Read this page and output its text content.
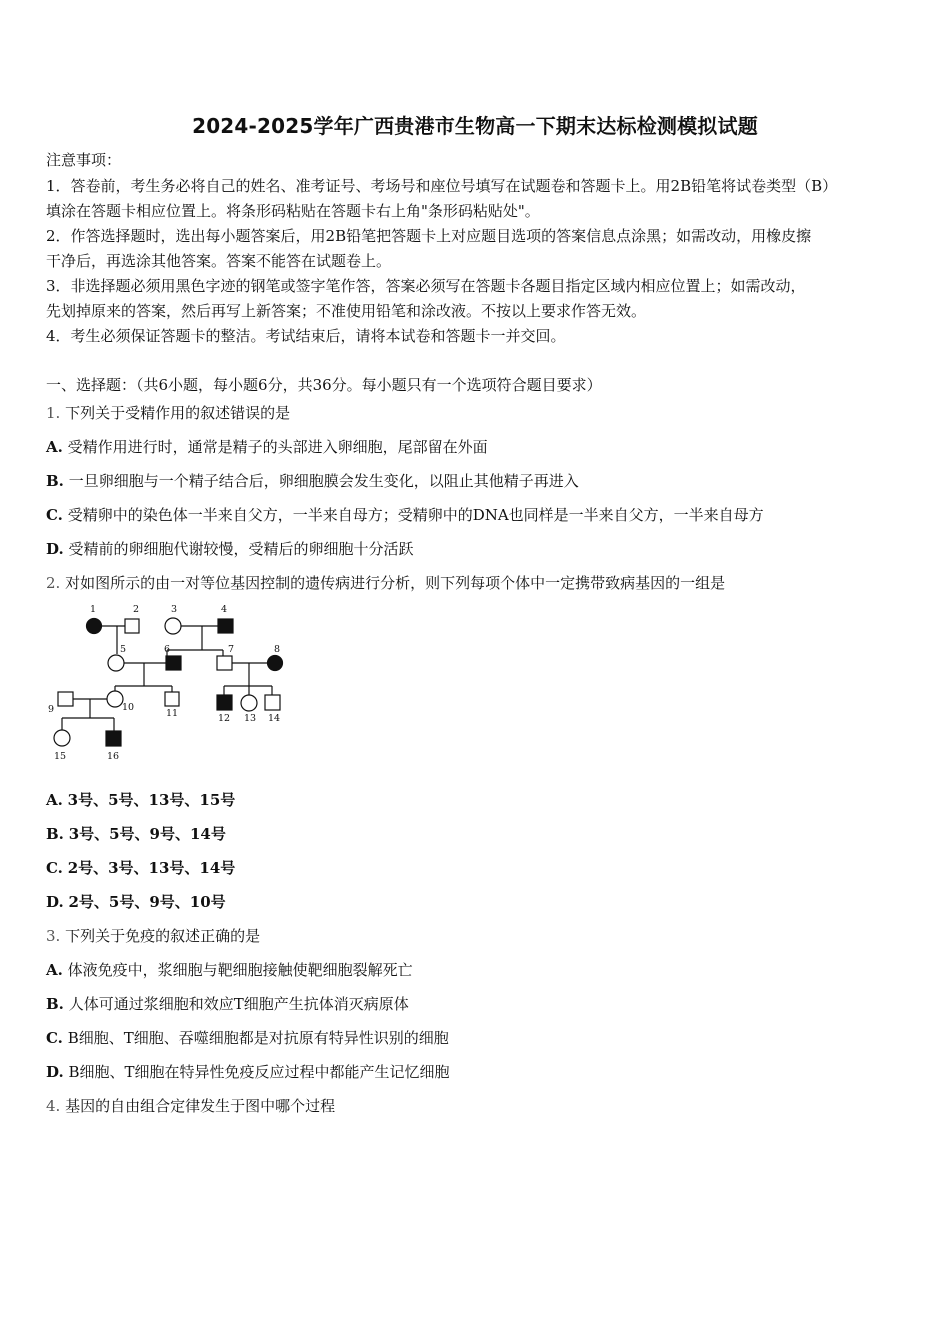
2024-2025学年广西贵港市生物高一下期末达标检测模拟试题
注意事项：
1．答卷前，考生务必将自己的姓名、准考证号、考场号和座位号填写在试题卷和答题卡上。用2B铅笔将试卷类型（B）
填涂在答题卡相应位置上。将条形码粘贴在答题卡右上角"条形码粘贴处"。
2．作答选择题时，选出每小题答案后，用2B铅笔把答题卡上对应题目选项的答案信息点涂黑；如需改动，用橡皮擦
干净后，再选涂其他答案。答案不能答在试题卷上。
3．非选择题必须用黑色字迹的钢笔或签字笔作答，答案必须写在答题卡各题目指定区域内相应位置上；如需改动，
先划掉原来的答案，然后再写上新答案；不准使用铅笔和涂改液。不按以上要求作答无效。
4．考生必须保证答题卡的整洁。考试结束后，请将本试卷和答题卡一并交回。
一、选择题：（共6小题，每小题6分，共36分。每小题只有一个选项符合题目要求）
1. 下列关于受精作用的叙述错误的是
A. 受精作用进行时，通常是精子的头部进入卵细胞，尾部留在外面
B. 一旦卵细胞与一个精子结合后，卵细胞膜会发生变化，以阻止其他精子再进入
C. 受精卵中的染色体一半来自父方，一半来自母方；受精卵中的DNA也同样是一半来自父方，一半来自母方
D. 受精前的卵细胞代谢较慢，受精后的卵细胞十分活跃
2. 对如图所示的由一对等位基因控制的遗传病进行分析，则下列每项个体中一定携带致病基因的一组是
1	2	3	4
5	6	7	8
9	10
11	12 13 14
15	16
A. 3号、5号、13号、15号
B. 3号、5号、9号、14号
C. 2号、3号、13号、14号
D. 2号、5号、9号、10号
3. 下列关于免疫的叙述正确的是
A. 体液免疫中，浆细胞与靶细胞接触使靶细胞裂解死亡
B. 人体可通过浆细胞和效应T细胞产生抗体消灭病原体
C. B细胞、T细胞、吞噬细胞都是对抗原有特异性识别的细胞
D. B细胞、T细胞在特异性免疫反应过程中都能产生记忆细胞
4. 基因的自由组合定律发生于图中哪个过程
